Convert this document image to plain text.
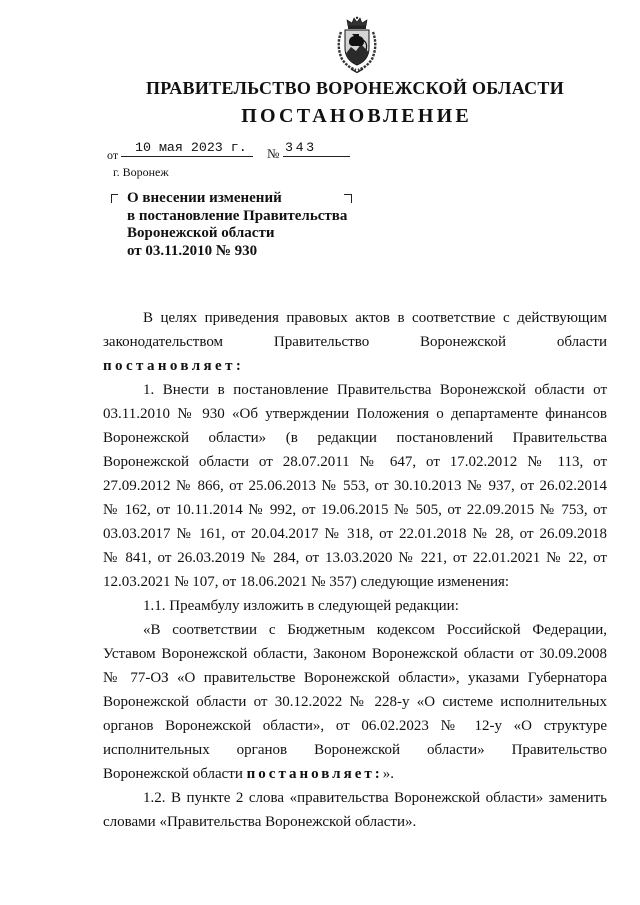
ПРАВИТЕЛЬСТВО ВОРОНЕЖСКОЙ ОБЛАСТИ
ПОСТАНОВЛЕНИЕ
от	10 мая 2023 г.	№ 343
г. Воронеж
О внесении изменений
в постановление Правительства
Воронежской области
от 03.11.2010 № 930
В целях приведения правовых актов в соответствие с действующим
законодательством Правительство Воронежской области
постановляет:
1. Внести в постановление Правительства Воронежской области от
03.11.2010 № 930 «Об утверждении Положения о департаменте финансов
Воронежской области» (в редакции постановлений Правительства
Воронежской области от 28.07.2011 № 647, от 17.02.2012 № 113, от
27.09.2012 № 866, от 25.06.2013 № 553, от 30.10.2013 № 937, от 26.02.2014
№ 162, от 10.11.2014 № 992, от 19.06.2015 № 505, от 22.09.2015 № 753, от
03.03.2017 № 161, от 20.04.2017 № 318, от 22.01.2018 № 28, от 26.09.2018
№ 841, от 26.03.2019 № 284, от 13.03.2020 № 221, от 22.01.2021 № 22, от
12.03.2021 № 107, от 18.06.2021 № 357) следующие изменения:
1.1. Преамбулу изложить в следующей редакции:
«В соответствии с Бюджетным кодексом Российской Федерации,
Уставом Воронежской области, Законом Воронежской области от 30.09.2008
№ 77-ОЗ «О правительстве Воронежской области», указами Губернатора
Воронежской области от 30.12.2022 № 228-у «О системе исполнительных
органов Воронежской области», от 06.02.2023 № 12-у «О структуре
исполнительных органов Воронежской области» Правительство
Воронежской области постановляет:».
1.2. В пункте 2 слова «правительства Воронежской области» заменить
словами «Правительства Воронежской области».
